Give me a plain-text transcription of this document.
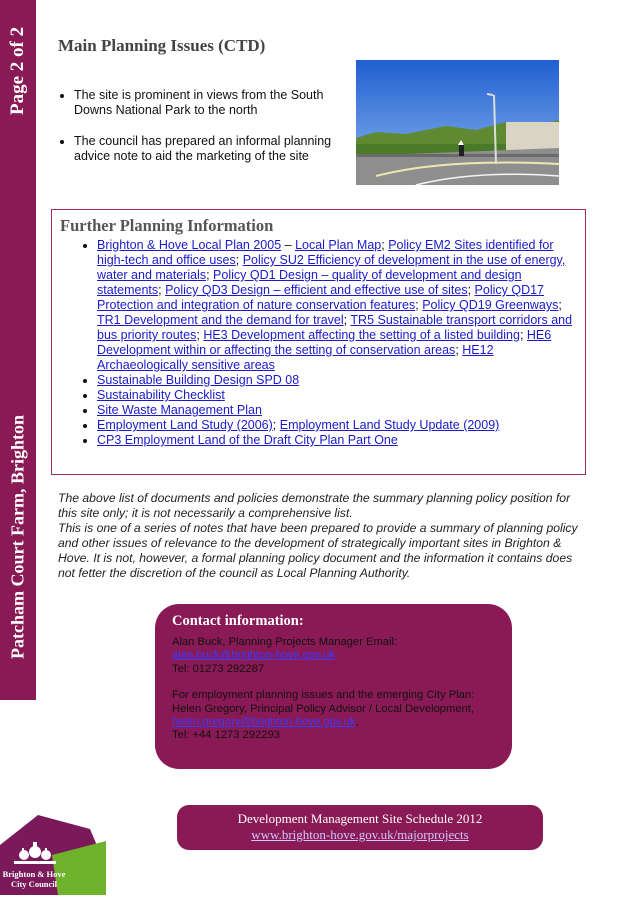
Page 2 of 2
Patcham Court Farm, Brighton
Main Planning Issues (CTD)
• The site is prominent in views from the South Downs National Park to the north
• The council has prepared an informal planning advice note to aid the marketing of the site
Further Planning Information
• Brighton & Hove Local Plan 2005 – Local Plan Map; Policy EM2 Sites identified for high-tech and office uses; Policy SU2 Efficiency of development in the use of energy, water and materials; Policy QD1 Design – quality of development and design statements; Policy QD3 Design – efficient and effective use of sites; Policy QD17 Protection and integration of nature conservation features; Policy QD19 Greenways; TR1 Development and the demand for travel; TR5 Sustainable transport corridors and bus priority routes; HE3 Development affecting the setting of a listed building; HE6 Development within or affecting the setting of conservation areas; HE12 Archaeologically sensitive areas
• Sustainable Building Design SPD 08
• Sustainability Checklist
• Site Waste Management Plan
• Employment Land Study (2006); Employment Land Study Update (2009)
• CP3 Employment Land of the Draft City Plan Part One

The above list of documents and policies demonstrate the summary planning policy position for this site only; it is not necessarily a comprehensive list.

This is one of a series of notes that have been prepared to provide a summary of planning policy and other issues of relevance to the development of strategically important sites in Brighton & Hove. It is not, however, a formal planning policy document and the information it contains does not fetter the discretion of the council as Local Planning Authority.

Contact information:
Alan Buck, Planning Projects Manager Email:
alan.buck@brighton-hove.gov.uk
Tel: 01273 292287
For employment planning issues and the emerging City Plan:
Helen Gregory, Principal Policy Advisor / Local Development,
helen.gregory@brighton-hove.gov.uk,
Tel: +44 1273 292293
Development Management Site Schedule 2012
www.brighton-hove.gov.uk/majorprojects
Brighton & Hove
City Council
